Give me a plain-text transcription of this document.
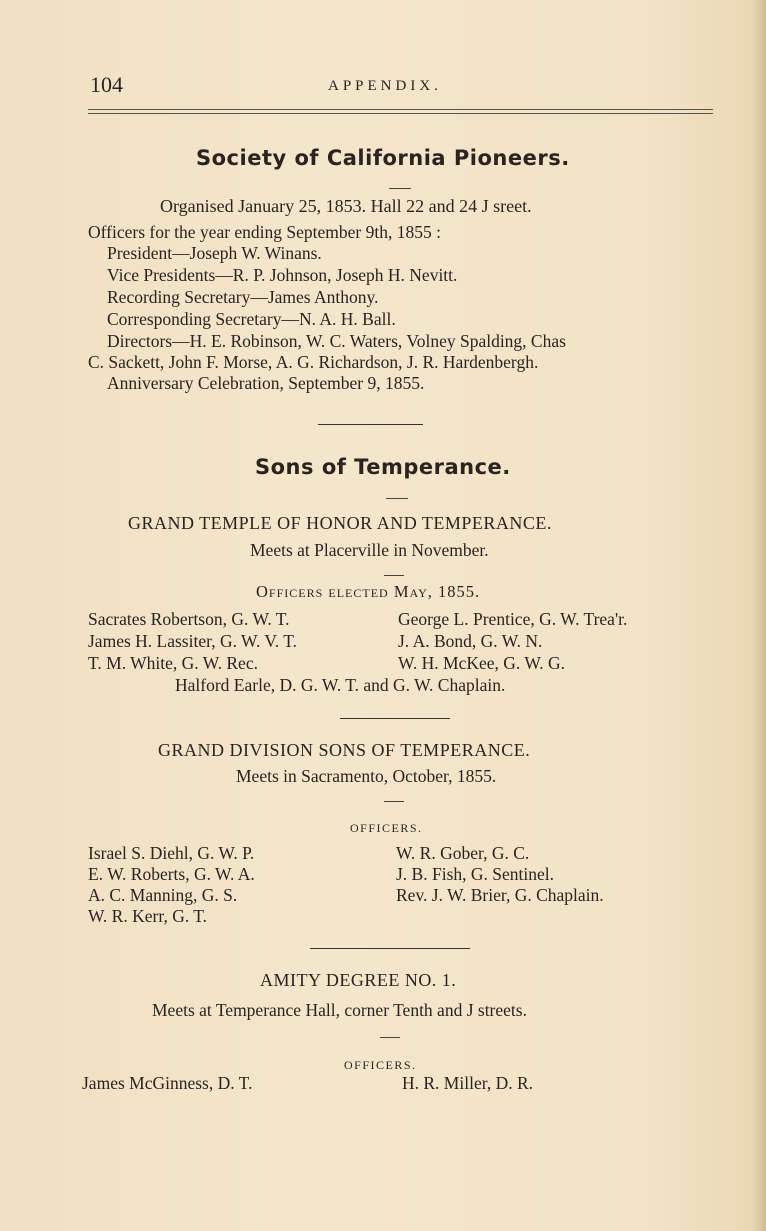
104	APPENDIX.
Society of California Pioneers.
Organised January 25, 1853. Hall 22 and 24 J sreet.
Officers for the year ending September 9th, 1855 :
President—Joseph W. Winans.
Vice Presidents—R. P. Johnson, Joseph H. Nevitt.
Recording Secretary—James Anthony.
Corresponding Secretary—N. A. H. Ball.
Directors—H. E. Robinson, W. C. Waters, Volney Spalding, Chas
C. Sackett, John F. Morse, A. G. Richardson, J. R. Hardenbergh.
Anniversary Celebration, September 9, 1855.
Sons of Temperance.
GRAND TEMPLE OF HONOR AND TEMPERANCE.
Meets at Placerville in November.
Officers elected May, 1855.
Sacrates Robertson, G. W. T.
James H. Lassiter, G. W. V. T.
T. M. White, G. W. Rec.
George L. Prentice, G. W. Trea'r.
J. A. Bond, G. W. N.
W. H. McKee, G. W. G.
Halford Earle, D. G. W. T. and G. W. Chaplain.
GRAND DIVISION SONS OF TEMPERANCE.
Meets in Sacramento, October, 1855.
OFFICERS.
Israel S. Diehl, G. W. P.
E. W. Roberts, G. W. A.
A. C. Manning, G. S.
W. R. Kerr, G. T.
W. R. Gober, G. C.
J. B. Fish, G. Sentinel.
Rev. J. W. Brier, G. Chaplain.
AMITY DEGREE NO. 1.
Meets at Temperance Hall, corner Tenth and J streets.
OFFICERS.
James McGinness, D. T.	H. R. Miller, D. R.
